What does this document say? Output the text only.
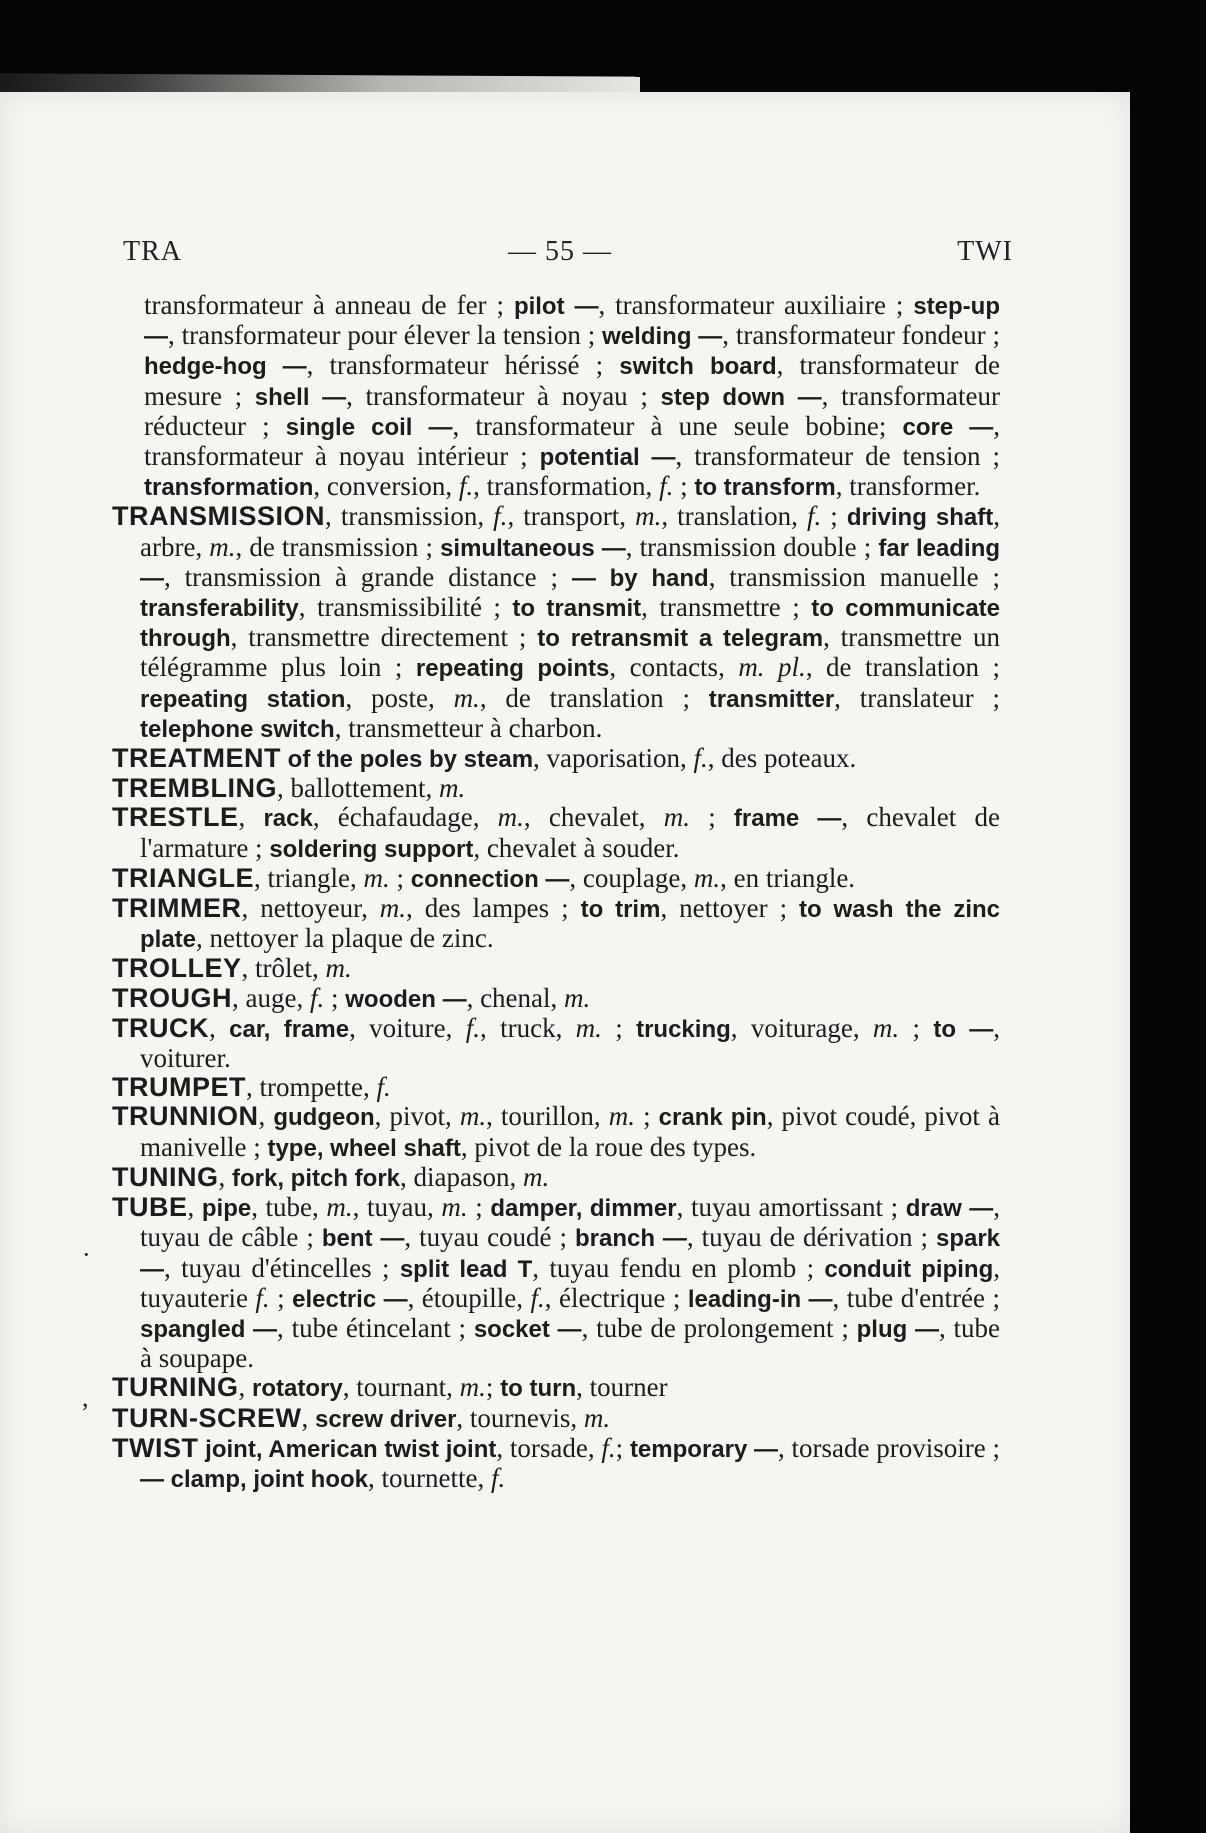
TRA	— 55 —	TWI

transformateur à anneau de fer ; pilot —, transformateur auxiliaire ; step-up —, transformateur pour élever la tension ; welding —, transformateur fondeur ; hedge-hog —, transformateur hérissé ; switch board, transformateur de mesure ; shell —, transformateur à noyau ; step down —, transformateur réducteur ; single coil —, transformateur à une seule bobine; core —, transformateur à noyau intérieur ; potential —, transformateur de tension ; transformation, conversion, f., transformation, f. ; to transform, transformer.

TRANSMISSION, transmission, f., transport, m., translation, f. ; driving shaft, arbre, m., de transmission ; simultaneous —, transmission double ; far leading —, transmission à grande distance ; — by hand, transmission manuelle ; transferability, transmissibilité ; to transmit, transmettre ; to communicate through, transmettre directement ; to retransmit a telegram, transmettre un télégramme plus loin ; repeating points, contacts, m. pl., de translation ; repeating station, poste, m., de translation ; transmitter, translateur ; telephone switch, transmetteur à charbon.

TREATMENT of the poles by steam, vaporisation, f., des poteaux.

TREMBLING, ballottement, m.

TRESTLE, rack, échafaudage, m., chevalet, m. ; frame —, chevalet de l'armature ; soldering support, chevalet à souder.

TRIANGLE, triangle, m. ; connection —, couplage, m., en triangle.

TRIMMER, nettoyeur, m., des lampes ; to trim, nettoyer ; to wash the zinc plate, nettoyer la plaque de zinc.

TROLLEY, trôlet, m.

TROUGH, auge, f. ; wooden —, chenal, m.

TRUCK, car, frame, voiture, f., truck, m. ; trucking, voiturage, m. ; to —, voiturer.

TRUMPET, trompette, f.

TRUNNION, gudgeon, pivot, m., tourillon, m. ; crank pin, pivot coudé, pivot à manivelle ; type, wheel shaft, pivot de la roue des types.

TUNING, fork, pitch fork, diapason, m.

TUBE, pipe, tube, m., tuyau, m. ; damper, dimmer, tuyau amortissant ; draw —, tuyau de câble ; bent —, tuyau coudé ; branch —, tuyau de dérivation ; spark —, tuyau d'étincelles ; split lead T, tuyau fendu en plomb ; conduit piping, tuyauterie f. ; electric —, étoupille, f., électrique ; leading-in —, tube d'entrée ; spangled —, tube étincelant ; socket —, tube de prolongement ; plug —, tube à soupape.

TURNING, rotatory, tournant, m.; to turn, tourner

TURN-SCREW, screw driver, tournevis, m.

TWIST joint, American twist joint, torsade, f.; temporary —, torsade provisoire ; — clamp, joint hook, tournette, f.

·
,
